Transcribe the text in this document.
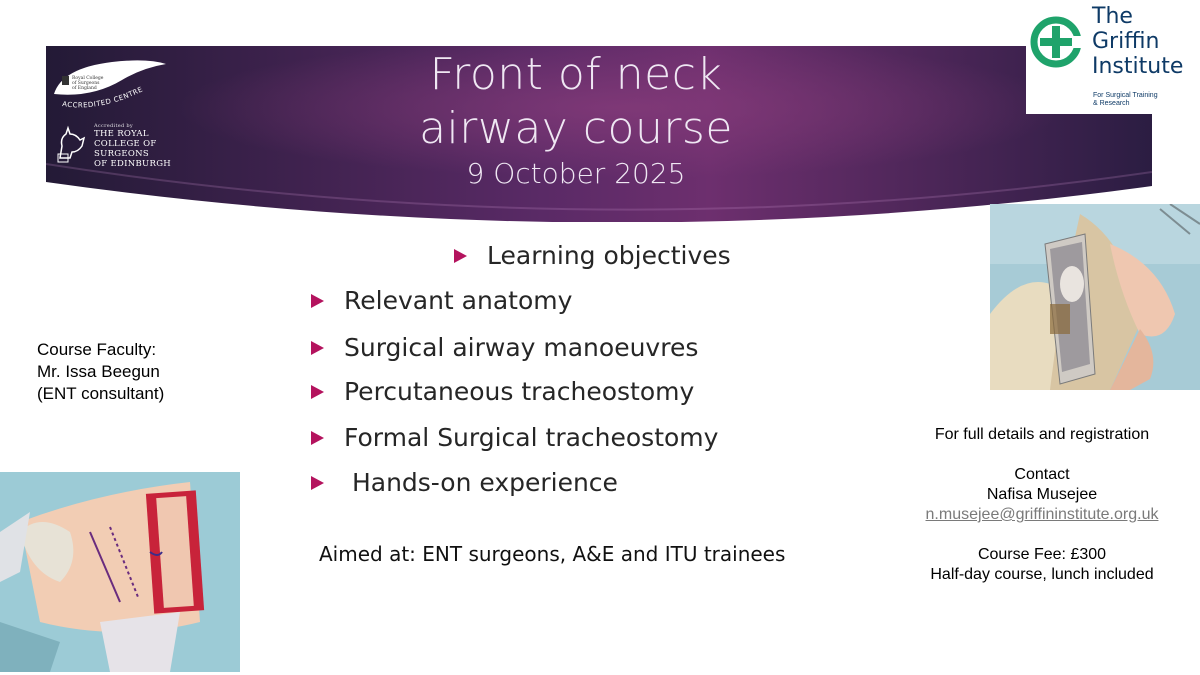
Royal College
of Surgeons
of England
ACCREDITED CENTRE
Accredited by
THE ROYAL
COLLEGE OF
SURGEONS
OF EDINBURGH
Front of neck
airway course
9 October 2025
The
Griffin
Institute
For Surgical Training
& Research
Learning objectives
Relevant anatomy
Surgical airway manoeuvres
Percutaneous tracheostomy
Formal Surgical tracheostomy
Hands-on experience
Aimed at: ENT surgeons, A&E and ITU trainees
Course Faculty:
Mr. Issa Beegun
(ENT consultant)
For full details and registration
Contact
Nafisa Musejee
n.musejee@griffininstitute.org.uk
Course Fee: £300
Half-day course, lunch included
